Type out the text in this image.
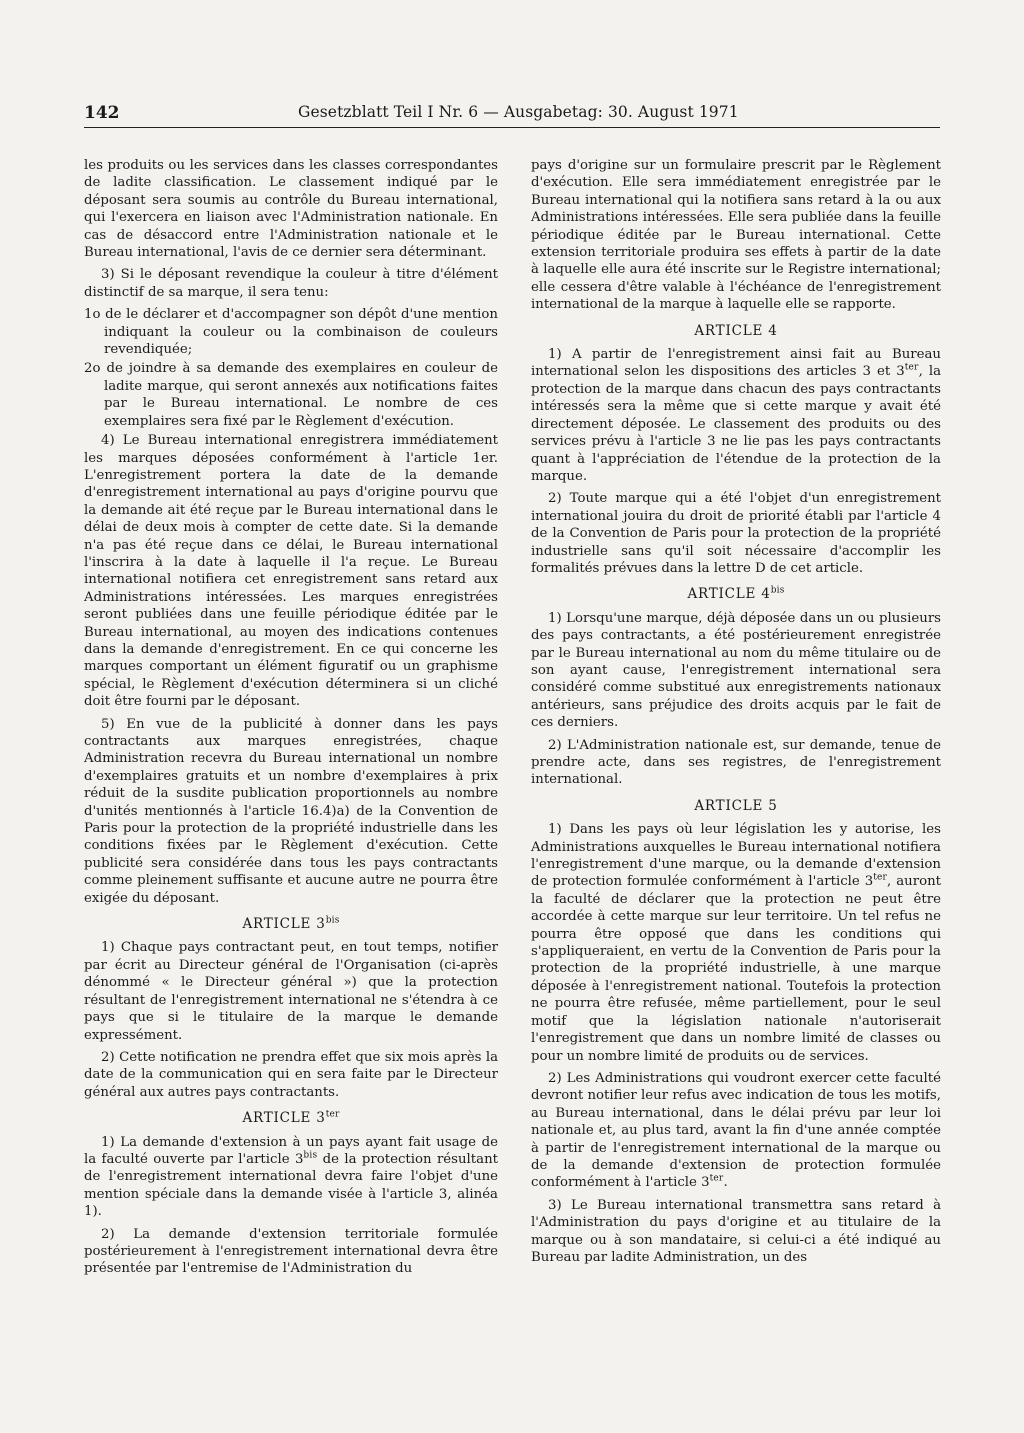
142	Gesetzblatt Teil I Nr. 6 — Ausgabetag: 30. August 1971

les produits ou les services dans les classes correspondantes de ladite classification. Le classement indiqué par le déposant sera soumis au contrôle du Bureau international, qui l'exercera en liaison avec l'Administration nationale. En cas de désaccord entre l'Administration nationale et le Bureau international, l'avis de ce dernier sera déterminant.

3) Si le déposant revendique la couleur à titre d'élément distinctif de sa marque, il sera tenu:

1o de le déclarer et d'accompagner son dépôt d'une mention indiquant la couleur ou la combinaison de couleurs revendiquée;

2o de joindre à sa demande des exemplaires en couleur de ladite marque, qui seront annexés aux notifications faites par le Bureau international. Le nombre de ces exemplaires sera fixé par le Règlement d'exécution.

4) Le Bureau international enregistrera immédiatement les marques déposées conformément à l'article 1er. L'enregistrement portera la date de la demande d'enregistrement international au pays d'origine pourvu que la demande ait été reçue par le Bureau international dans le délai de deux mois à compter de cette date. Si la demande n'a pas été reçue dans ce délai, le Bureau international l'inscrira à la date à laquelle il l'a reçue. Le Bureau international notifiera cet enregistrement sans retard aux Administrations intéressées. Les marques enregistrées seront publiées dans une feuille périodique éditée par le Bureau international, au moyen des indications contenues dans la demande d'enregistrement. En ce qui concerne les marques comportant un élément figuratif ou un graphisme spécial, le Règlement d'exécution déterminera si un cliché doit être fourni par le déposant.

5) En vue de la publicité à donner dans les pays contractants aux marques enregistrées, chaque Administration recevra du Bureau international un nombre d'exemplaires gratuits et un nombre d'exemplaires à prix réduit de la susdite publication proportionnels au nombre d'unités mentionnés à l'article 16.4)a) de la Convention de Paris pour la protection de la propriété industrielle dans les conditions fixées par le Règlement d'exécution. Cette publicité sera considérée dans tous les pays contractants comme pleinement suffisante et aucune autre ne pourra être exigée du déposant.

ARTICLE $3^{bis}$

1) Chaque pays contractant peut, en tout temps, notifier par écrit au Directeur général de l'Organisation (ci-après dénommé « le Directeur général ») que la protection résultant de l'enregistrement international ne s'étendra à ce pays que si le titulaire de la marque le demande expressément.

2) Cette notification ne prendra effet que six mois après la date de la communication qui en sera faite par le Directeur général aux autres pays contractants.

ARTICLE $3^{ter}$

1) La demande d'extension à un pays ayant fait usage de la faculté ouverte par l'article $3^{bis}$ de la protection résultant de l'enregistrement international devra faire l'objet d'une mention spéciale dans la demande visée à l'article 3, alinéa 1).

2) La demande d'extension territoriale formulée postérieurement à l'enregistrement international devra être présentée par l'entremise de l'Administration du

pays d'origine sur un formulaire prescrit par le Règlement d'exécution. Elle sera immédiatement enregistrée par le Bureau international qui la notifiera sans retard à la ou aux Administrations intéressées. Elle sera publiée dans la feuille périodique éditée par le Bureau international. Cette extension territoriale produira ses effets à partir de la date à laquelle elle aura été inscrite sur le Registre international; elle cessera d'être valable à l'échéance de l'enregistrement international de la marque à laquelle elle se rapporte.

ARTICLE 4

1) A partir de l'enregistrement ainsi fait au Bureau international selon les dispositions des articles 3 et $3^{ter}$, la protection de la marque dans chacun des pays contractants intéressés sera la même que si cette marque y avait été directement déposée. Le classement des produits ou des services prévu à l'article 3 ne lie pas les pays contractants quant à l'appréciation de l'étendue de la protection de la marque.

2) Toute marque qui a été l'objet d'un enregistrement international jouira du droit de priorité établi par l'article 4 de la Convention de Paris pour la protection de la propriété industrielle sans qu'il soit nécessaire d'accomplir les formalités prévues dans la lettre D de cet article.

ARTICLE $4^{bis}$

1) Lorsqu'une marque, déjà déposée dans un ou plusieurs des pays contractants, a été postérieurement enregistrée par le Bureau international au nom du même titulaire ou de son ayant cause, l'enregistrement international sera considéré comme substitué aux enregistrements nationaux antérieurs, sans préjudice des droits acquis par le fait de ces derniers.

2) L'Administration nationale est, sur demande, tenue de prendre acte, dans ses registres, de l'enregistrement international.

ARTICLE 5

1) Dans les pays où leur législation les y autorise, les Administrations auxquelles le Bureau international notifiera l'enregistrement d'une marque, ou la demande d'extension de protection formulée conformément à l'article $3^{ter}$, auront la faculté de déclarer que la protection ne peut être accordée à cette marque sur leur territoire. Un tel refus ne pourra être opposé que dans les conditions qui s'appliqueraient, en vertu de la Convention de Paris pour la protection de la propriété industrielle, à une marque déposée à l'enregistrement national. Toutefois la protection ne pourra être refusée, même partiellement, pour le seul motif que la législation nationale n'autoriserait l'enregistrement que dans un nombre limité de classes ou pour un nombre limité de produits ou de services.

2) Les Administrations qui voudront exercer cette faculté devront notifier leur refus avec indication de tous les motifs, au Bureau international, dans le délai prévu par leur loi nationale et, au plus tard, avant la fin d'une année comptée à partir de l'enregistrement international de la marque ou de la demande d'extension de protection formulée conformément à l'article $3^{ter}$.

3) Le Bureau international transmettra sans retard à l'Administration du pays d'origine et au titulaire de la marque ou à son mandataire, si celui-ci a été indiqué au Bureau par ladite Administration, un des
